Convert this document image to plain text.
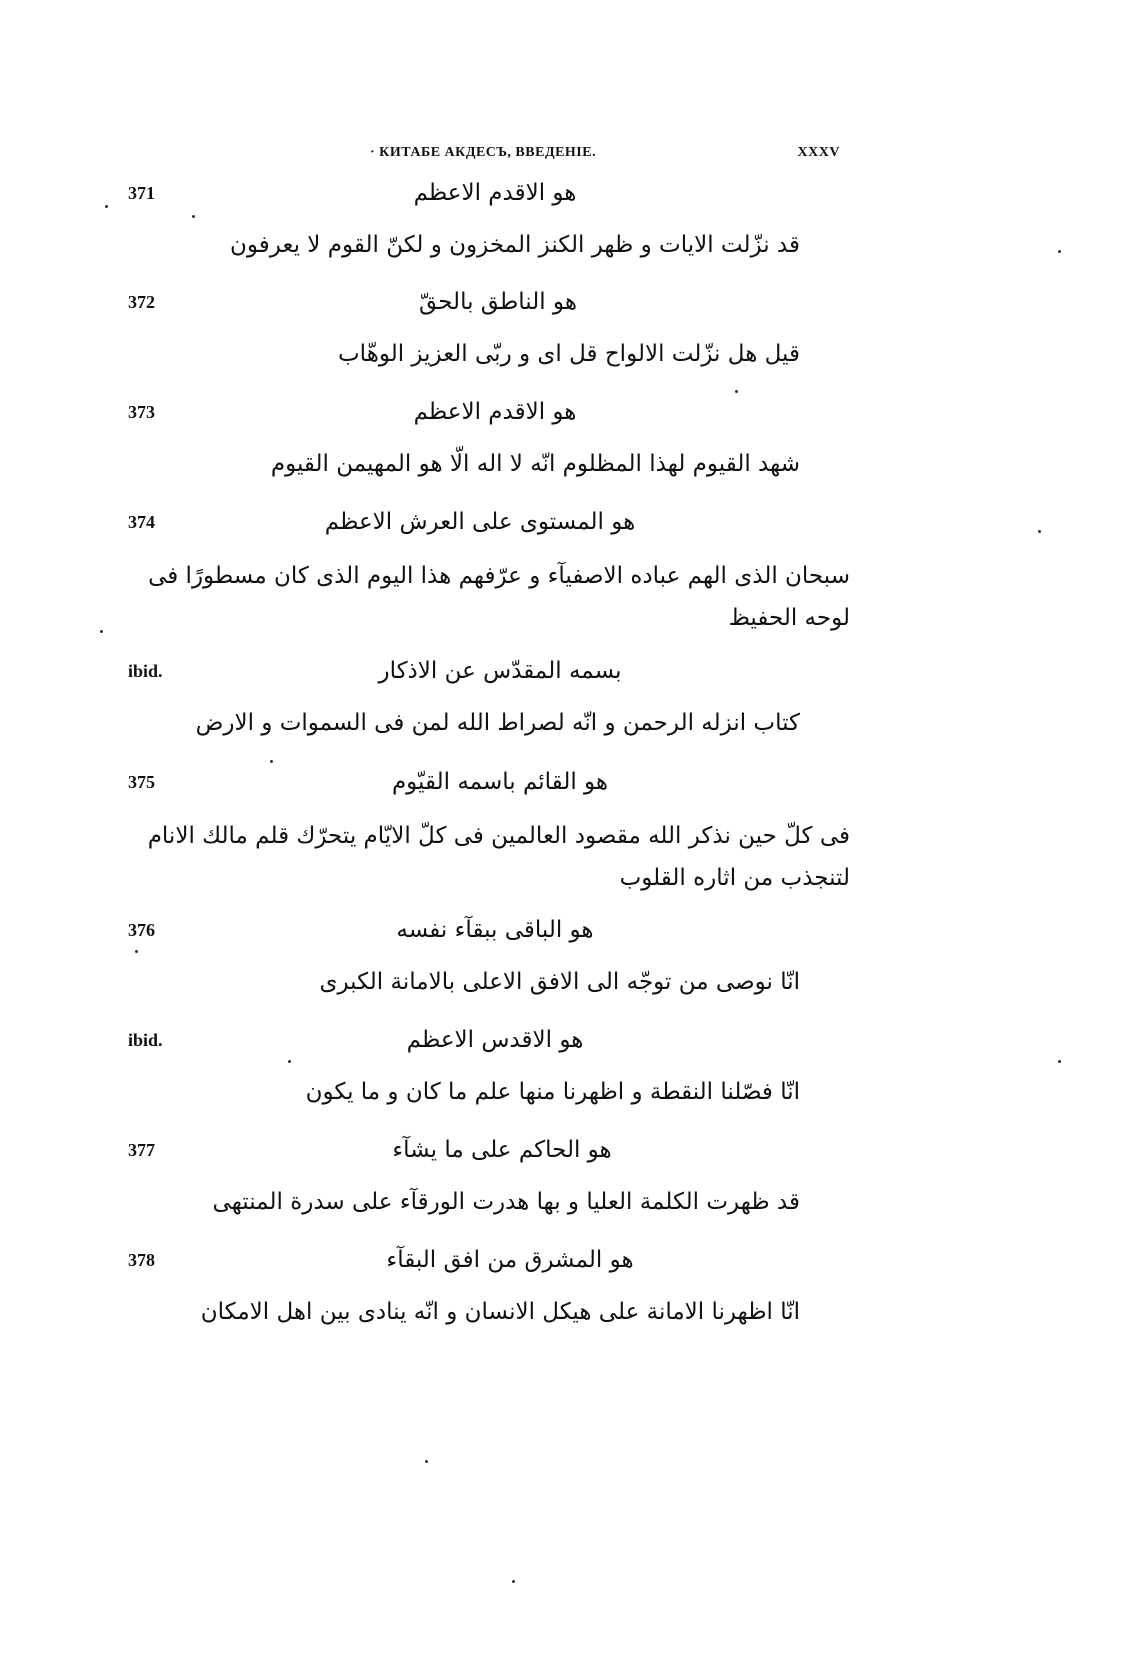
· КИТАБЕ АКДЕСЪ, ВВЕДЕНІЕ.	XXXV
371	هو الاقدم الاعظم
قد نزّلت الايات و ظهر الكنز المخزون و لكنّ القوم لا يعرفون
372	هو الناطق بالحقّ
قيل هل نزّلت الالواح قل اى و ربّى العزيز الوهّاب
373	هو الاقدم الاعظم
شهد القيوم لهذا المظلوم انّه لا اله الّا هو المهيمن القيوم
374	هو المستوى على العرش الاعظم
سبحان الذى الهم عباده الاصفيآء و عرّفهم هذا اليوم الذى كان مسطورًا فى
لوحه الحفيظ
ibid.	بسمه المقدّس عن الاذكار
كتاب انزله الرحمن و انّه لصراط الله لمن فى السموات و الارض
375	هو القائم باسمه القيّوم
فى كلّ حين نذكر الله مقصود العالمين فى كلّ الايّام يتحرّك قلم مالك الانام
لتنجذب من اثاره القلوب
376	هو الباقى ببقآء نفسه
انّا نوصى من توجّه الى الافق الاعلى بالامانة الكبرى
ibid.	هو الاقدس الاعظم
انّا فصّلنا النقطة و اظهرنا منها علم ما كان و ما يكون
377	هو الحاكم على ما يشآء
قد ظهرت الكلمة العليا و بها هدرت الورقآء على سدرة المنتهى
378	هو المشرق من افق البقآء
انّا اظهرنا الامانة على هيكل الانسان و انّه ينادى بين اهل الامكان
